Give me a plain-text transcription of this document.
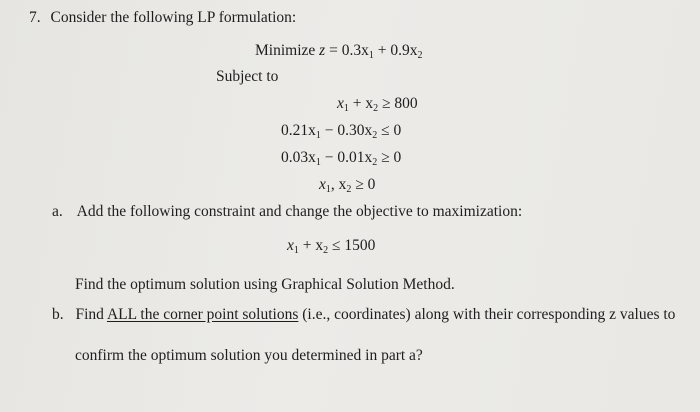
7. Consider the following LP formulation:
Minimize $z = 0.3x_1 + 0.9x_2$
Subject to
$x_1 + x_2 \ge 800$
$0.21x_1 - 0.30x_2 \le 0$
$0.03x_1 - 0.01x_2 \ge 0$
$x_1$, $x_2 \ge 0$
a. Add the following constraint and change the objective to maximization:
$x_1 + x_2 \le 1500$
Find the optimum solution using Graphical Solution Method.
b. Find ALL the corner point solutions (i.e., coordinates) along with their corresponding z values to
confirm the optimum solution you determined in part a?
